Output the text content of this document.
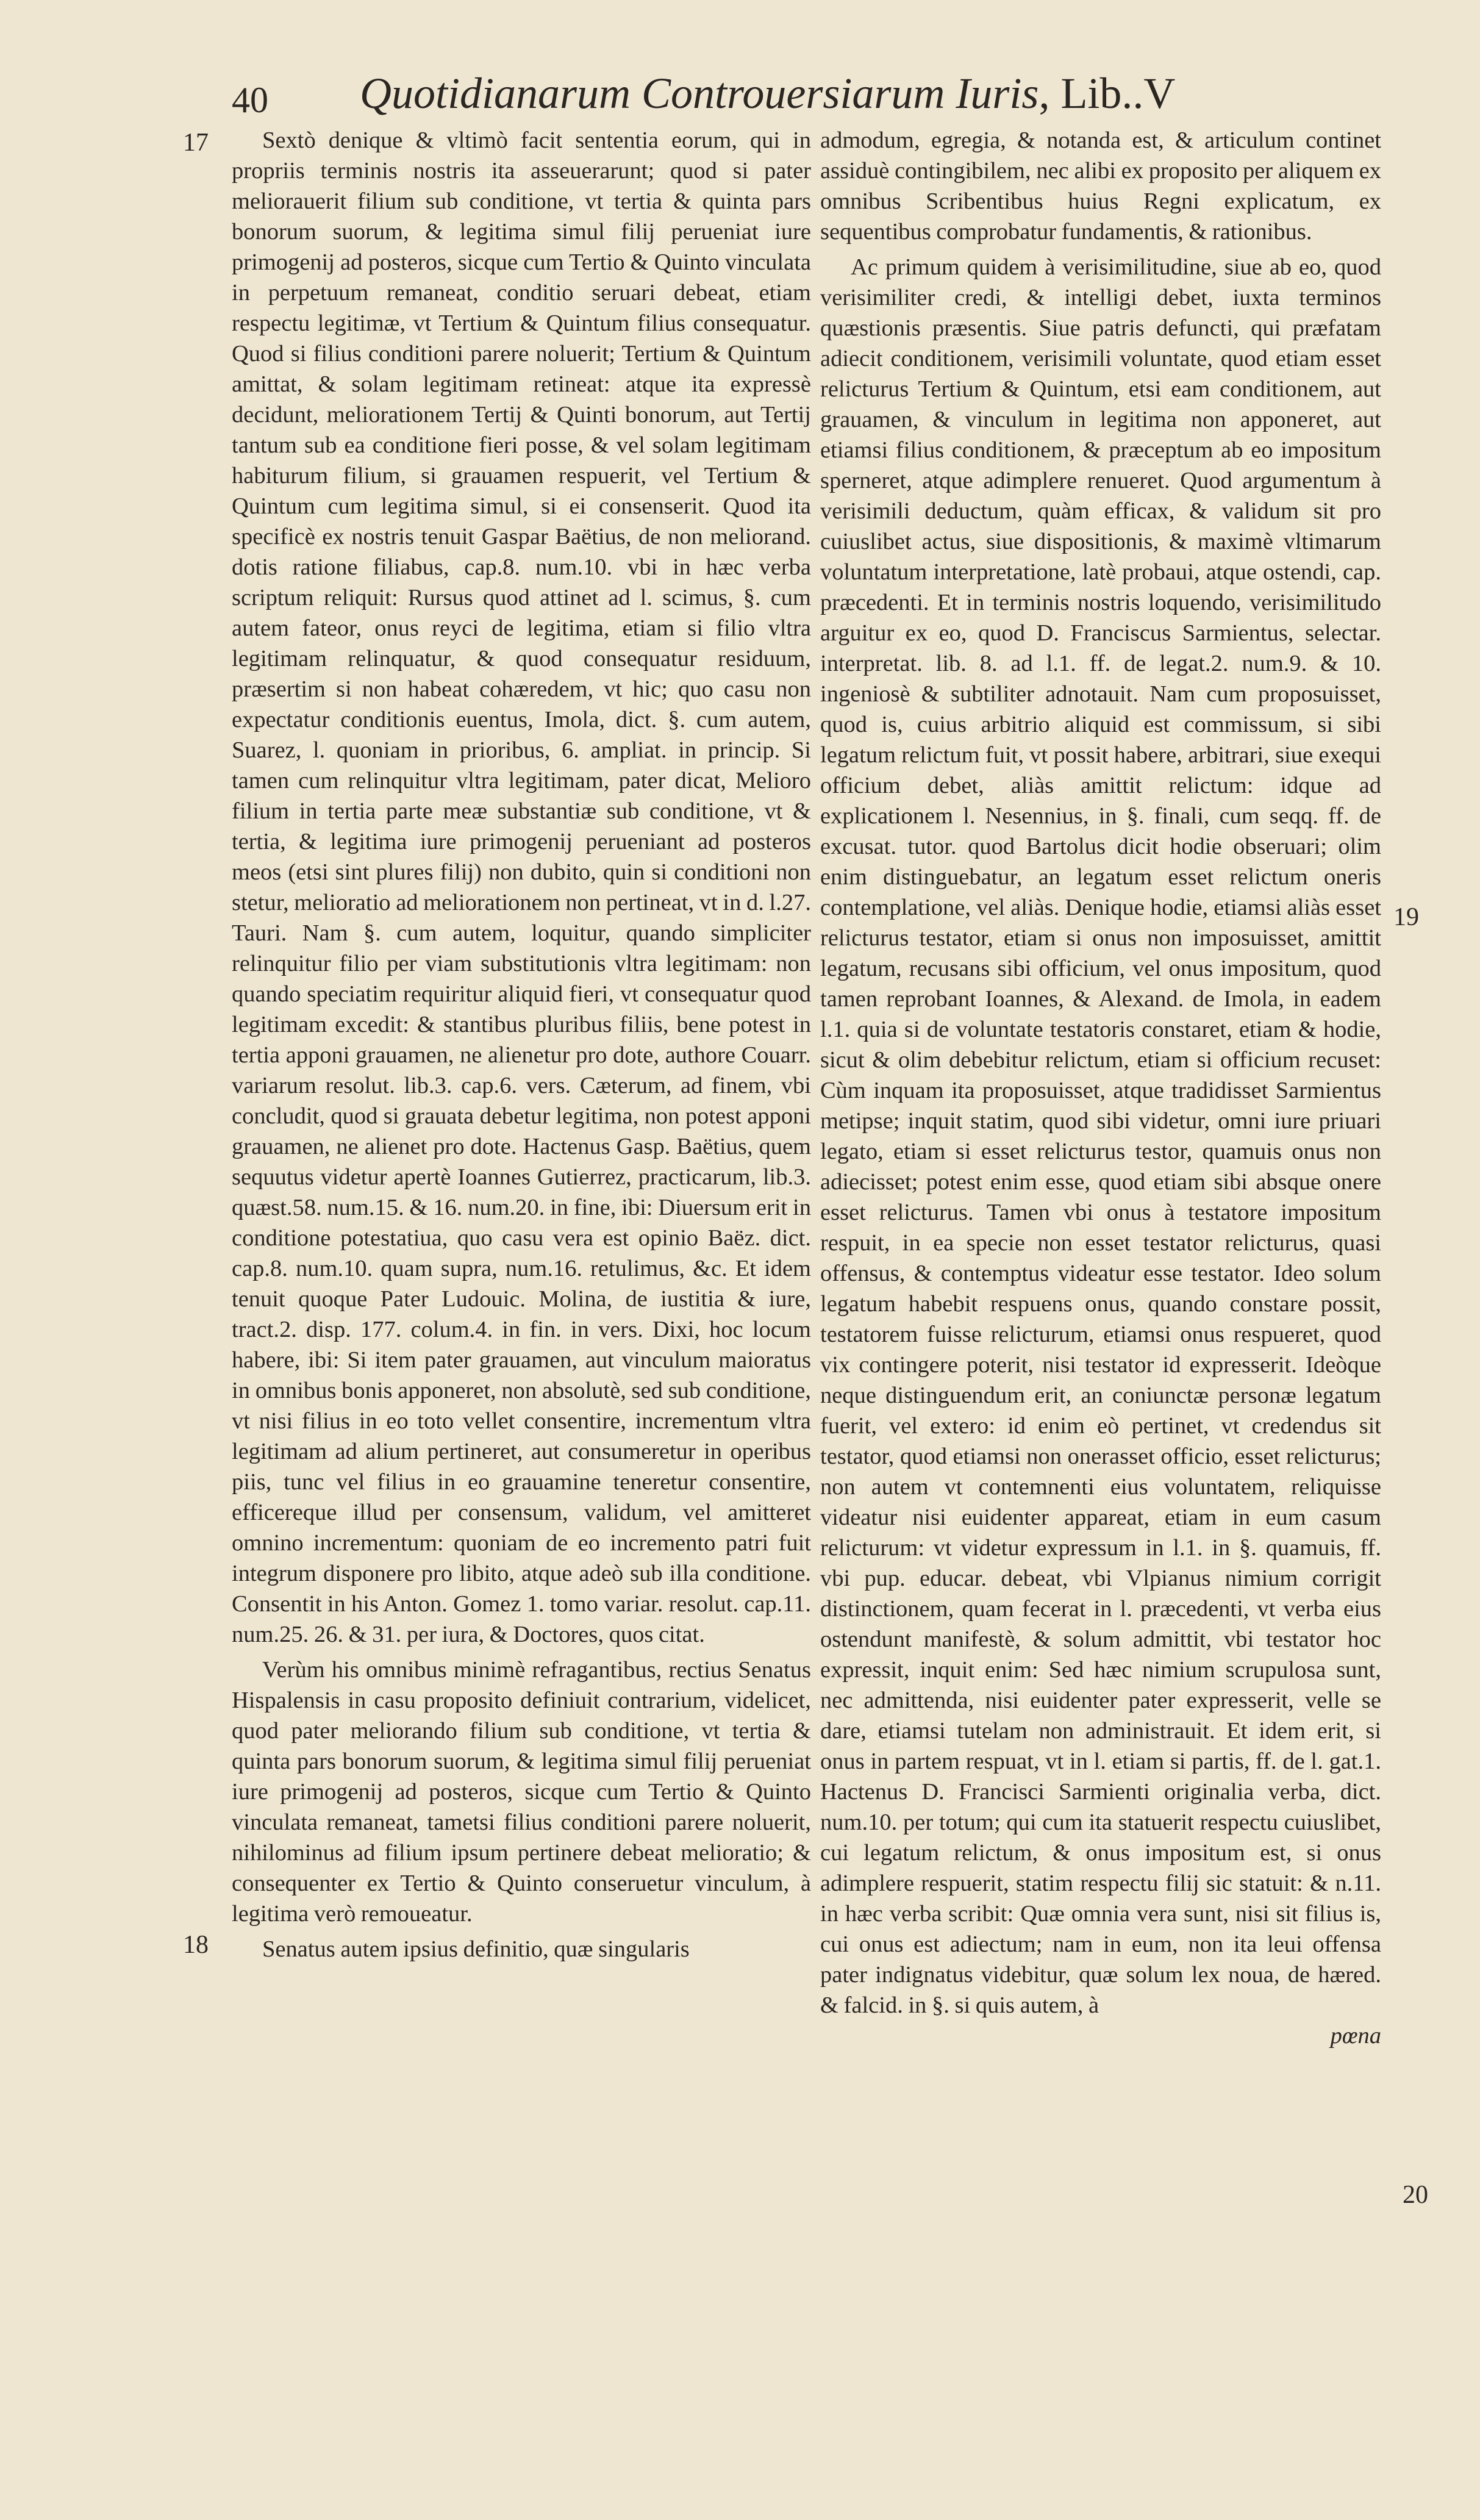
40 Quotidianarum Controuersiarum Iuris, Lib..V
17
18
19
20

Sextò denique & vltimò facit sententia eorum, qui in propriis terminis nostris ita asseuerarunt; quod si pater meliorauerit filium sub conditione, vt tertia & quinta pars bonorum suorum, & legitima simul filij perueniat iure primogenij ad posteros, sicque cum Tertio & Quinto vinculata in perpetuum remaneat, conditio seruari debeat, etiam respectu legitimæ, vt Tertium & Quintum filius consequatur. Quod si filius conditioni parere noluerit; Tertium & Quintum amittat, & solam legitimam retineat: atque ita expressè decidunt, meliorationem Tertij & Quinti bonorum, aut Tertij tantum sub ea conditione fieri posse, & vel solam legitimam habiturum filium, si grauamen respuerit, vel Tertium & Quintum cum legitima simul, si ei consenserit. Quod ita specificè ex nostris tenuit Gaspar Baëtius, de non meliorand. dotis ratione filiabus, cap.8. num.10. vbi in hæc verba scriptum reliquit: Rursus quod attinet ad l. scimus, §. cum autem fateor, onus reyci de legitima, etiam si filio vltra legitimam relinquatur, & quod consequatur residuum, præsertim si non habeat cohæredem, vt hic; quo casu non expectatur conditionis euentus, Imola, dict. §. cum autem, Suarez, l. quoniam in prioribus, 6. ampliat. in princip. Si tamen cum relinquitur vltra legitimam, pater dicat, Melioro filium in tertia parte meæ substantiæ sub conditione, vt & tertia, & legitima iure primogenij perueniant ad posteros meos (etsi sint plures filij) non dubito, quin si conditioni non stetur, melioratio ad meliorationem non pertineat, vt in d. l.27. Tauri. Nam §. cum autem, loquitur, quando simpliciter relinquitur filio per viam substitutionis vltra legitimam: non quando speciatim requiritur aliquid fieri, vt consequatur quod legitimam excedit: & stantibus pluribus filiis, bene potest in tertia apponi grauamen, ne alienetur pro dote, authore Couarr. variarum resolut. lib.3. cap.6. vers. Cæterum, ad finem, vbi concludit, quod si grauata debetur legitima, non potest apponi grauamen, ne alienet pro dote. Hactenus Gasp. Baëtius, quem sequutus videtur apertè Ioannes Gutierrez, practicarum, lib.3. quæst.58. num.15. & 16. num.20. in fine, ibi: Diuersum erit in conditione potestatiua, quo casu vera est opinio Baëz. dict. cap.8. num.10. quam supra, num.16. retulimus, &c. Et idem tenuit quoque Pater Ludouic. Molina, de iustitia & iure, tract.2. disp. 177. colum.4. in fin. in vers. Dixi, hoc locum habere, ibi: Si item pater grauamen, aut vinculum maioratus in omnibus bonis apponeret, non absolutè, sed sub conditione, vt nisi filius in eo toto vellet consentire, incrementum vltra legitimam ad alium pertineret, aut consumeretur in operibus piis, tunc vel filius in eo grauamine teneretur consentire, efficereque illud per consensum, validum, vel amitteret omnino incrementum: quoniam de eo incremento patri fuit integrum disponere pro libito, atque adeò sub illa conditione. Consentit in his Anton. Gomez 1. tomo variar. resolut. cap.11. num.25. 26. & 31. per iura, & Doctores, quos citat.

Verùm his omnibus minimè refragantibus, rectius Senatus Hispalensis in casu proposito definiuit contrarium, videlicet, quod pater meliorando filium sub conditione, vt tertia & quinta pars bonorum suorum, & legitima simul filij perueniat iure primogenij ad posteros, sicque cum Tertio & Quinto vinculata remaneat, tametsi filius conditioni parere noluerit, nihilominus ad filium ipsum pertinere debeat melioratio; & consequenter ex Tertio & Quinto conseruetur vinculum, à legitima verò remoueatur.

Senatus autem ipsius definitio, quæ singularis

admodum, egregia, & notanda est, & articulum continet assiduè contingibilem, nec alibi ex proposito per aliquem ex omnibus Scribentibus huius Regni explicatum, ex sequentibus comprobatur fundamentis, & rationibus.

Ac primum quidem à verisimilitudine, siue ab eo, quod verisimiliter credi, & intelligi debet, iuxta terminos quæstionis præsentis. Siue patris defuncti, qui præfatam adiecit conditionem, verisimili voluntate, quod etiam esset relicturus Tertium & Quintum, etsi eam conditionem, aut grauamen, & vinculum in legitima non apponeret, aut etiamsi filius conditionem, & præceptum ab eo impositum sperneret, atque adimplere renueret. Quod argumentum à verisimili deductum, quàm efficax, & validum sit pro cuiuslibet actus, siue dispositionis, & maximè vltimarum voluntatum interpretatione, latè probaui, atque ostendi, cap. præcedenti. Et in terminis nostris loquendo, verisimilitudo arguitur ex eo, quod D. Franciscus Sarmientus, selectar. interpretat. lib. 8. ad l.1. ff. de legat.2. num.9. & 10. ingeniosè & subtiliter adnotauit. Nam cum proposuisset, quod is, cuius arbitrio aliquid est commissum, si sibi legatum relictum fuit, vt possit habere, arbitrari, siue exequi officium debet, aliàs amittit relictum: idque ad explicationem l. Nesennius, in §. finali, cum seqq. ff. de excusat. tutor. quod Bartolus dicit hodie obseruari; olim enim distinguebatur, an legatum esset relictum oneris contemplatione, vel aliàs. Denique hodie, etiamsi aliàs esset relicturus testator, etiam si onus non imposuisset, amittit legatum, recusans sibi officium, vel onus impositum, quod tamen reprobant Ioannes, & Alexand. de Imola, in eadem l.1. quia si de voluntate testatoris constaret, etiam & hodie, sicut & olim debebitur relictum, etiam si officium recuset: Cùm inquam ita proposuisset, atque tradidisset Sarmientus metipse; inquit statim, quod sibi videtur, omni iure priuari legato, etiam si esset relicturus testor, quamuis onus non adiecisset; potest enim esse, quod etiam sibi absque onere esset relicturus. Tamen vbi onus à testatore impositum respuit, in ea specie non esset testator relicturus, quasi offensus, & contemptus videatur esse testator. Ideo solum legatum habebit respuens onus, quando constare possit, testatorem fuisse relicturum, etiamsi onus respueret, quod vix contingere poterit, nisi testator id expresserit. Ideòque neque distinguendum erit, an coniunctæ personæ legatum fuerit, vel extero: id enim eò pertinet, vt credendus sit testator, quod etiamsi non onerasset officio, esset relicturus; non autem vt contemnenti eius voluntatem, reliquisse videatur nisi euidenter appareat, etiam in eum casum relicturum: vt videtur expressum in l.1. in §. quamuis, ff. vbi pup. educar. debeat, vbi Vlpianus nimium corrigit distinctionem, quam fecerat in l. præcedenti, vt verba eius ostendunt manifestè, & solum admittit, vbi testator hoc expressit, inquit enim: Sed hæc nimium scrupulosa sunt, nec admittenda, nisi euidenter pater expresserit, velle se dare, etiamsi tutelam non administrauit. Et idem erit, si onus in partem respuat, vt in l. etiam si partis, ff. de l. gat.1. Hactenus D. Francisci Sarmienti originalia verba, dict. num.10. per totum; qui cum ita statuerit respectu cuiuslibet, cui legatum relictum, & onus impositum est, si onus adimplere respuerit, statim respectu filij sic statuit: & n.11. in hæc verba scribit: Quæ omnia vera sunt, nisi sit filius is, cui onus est adiectum; nam in eum, non ita leui offensa pater indignatus videbitur, quæ solum lex noua, de hæred. & falcid. in §. si quis autem, à

pœna
